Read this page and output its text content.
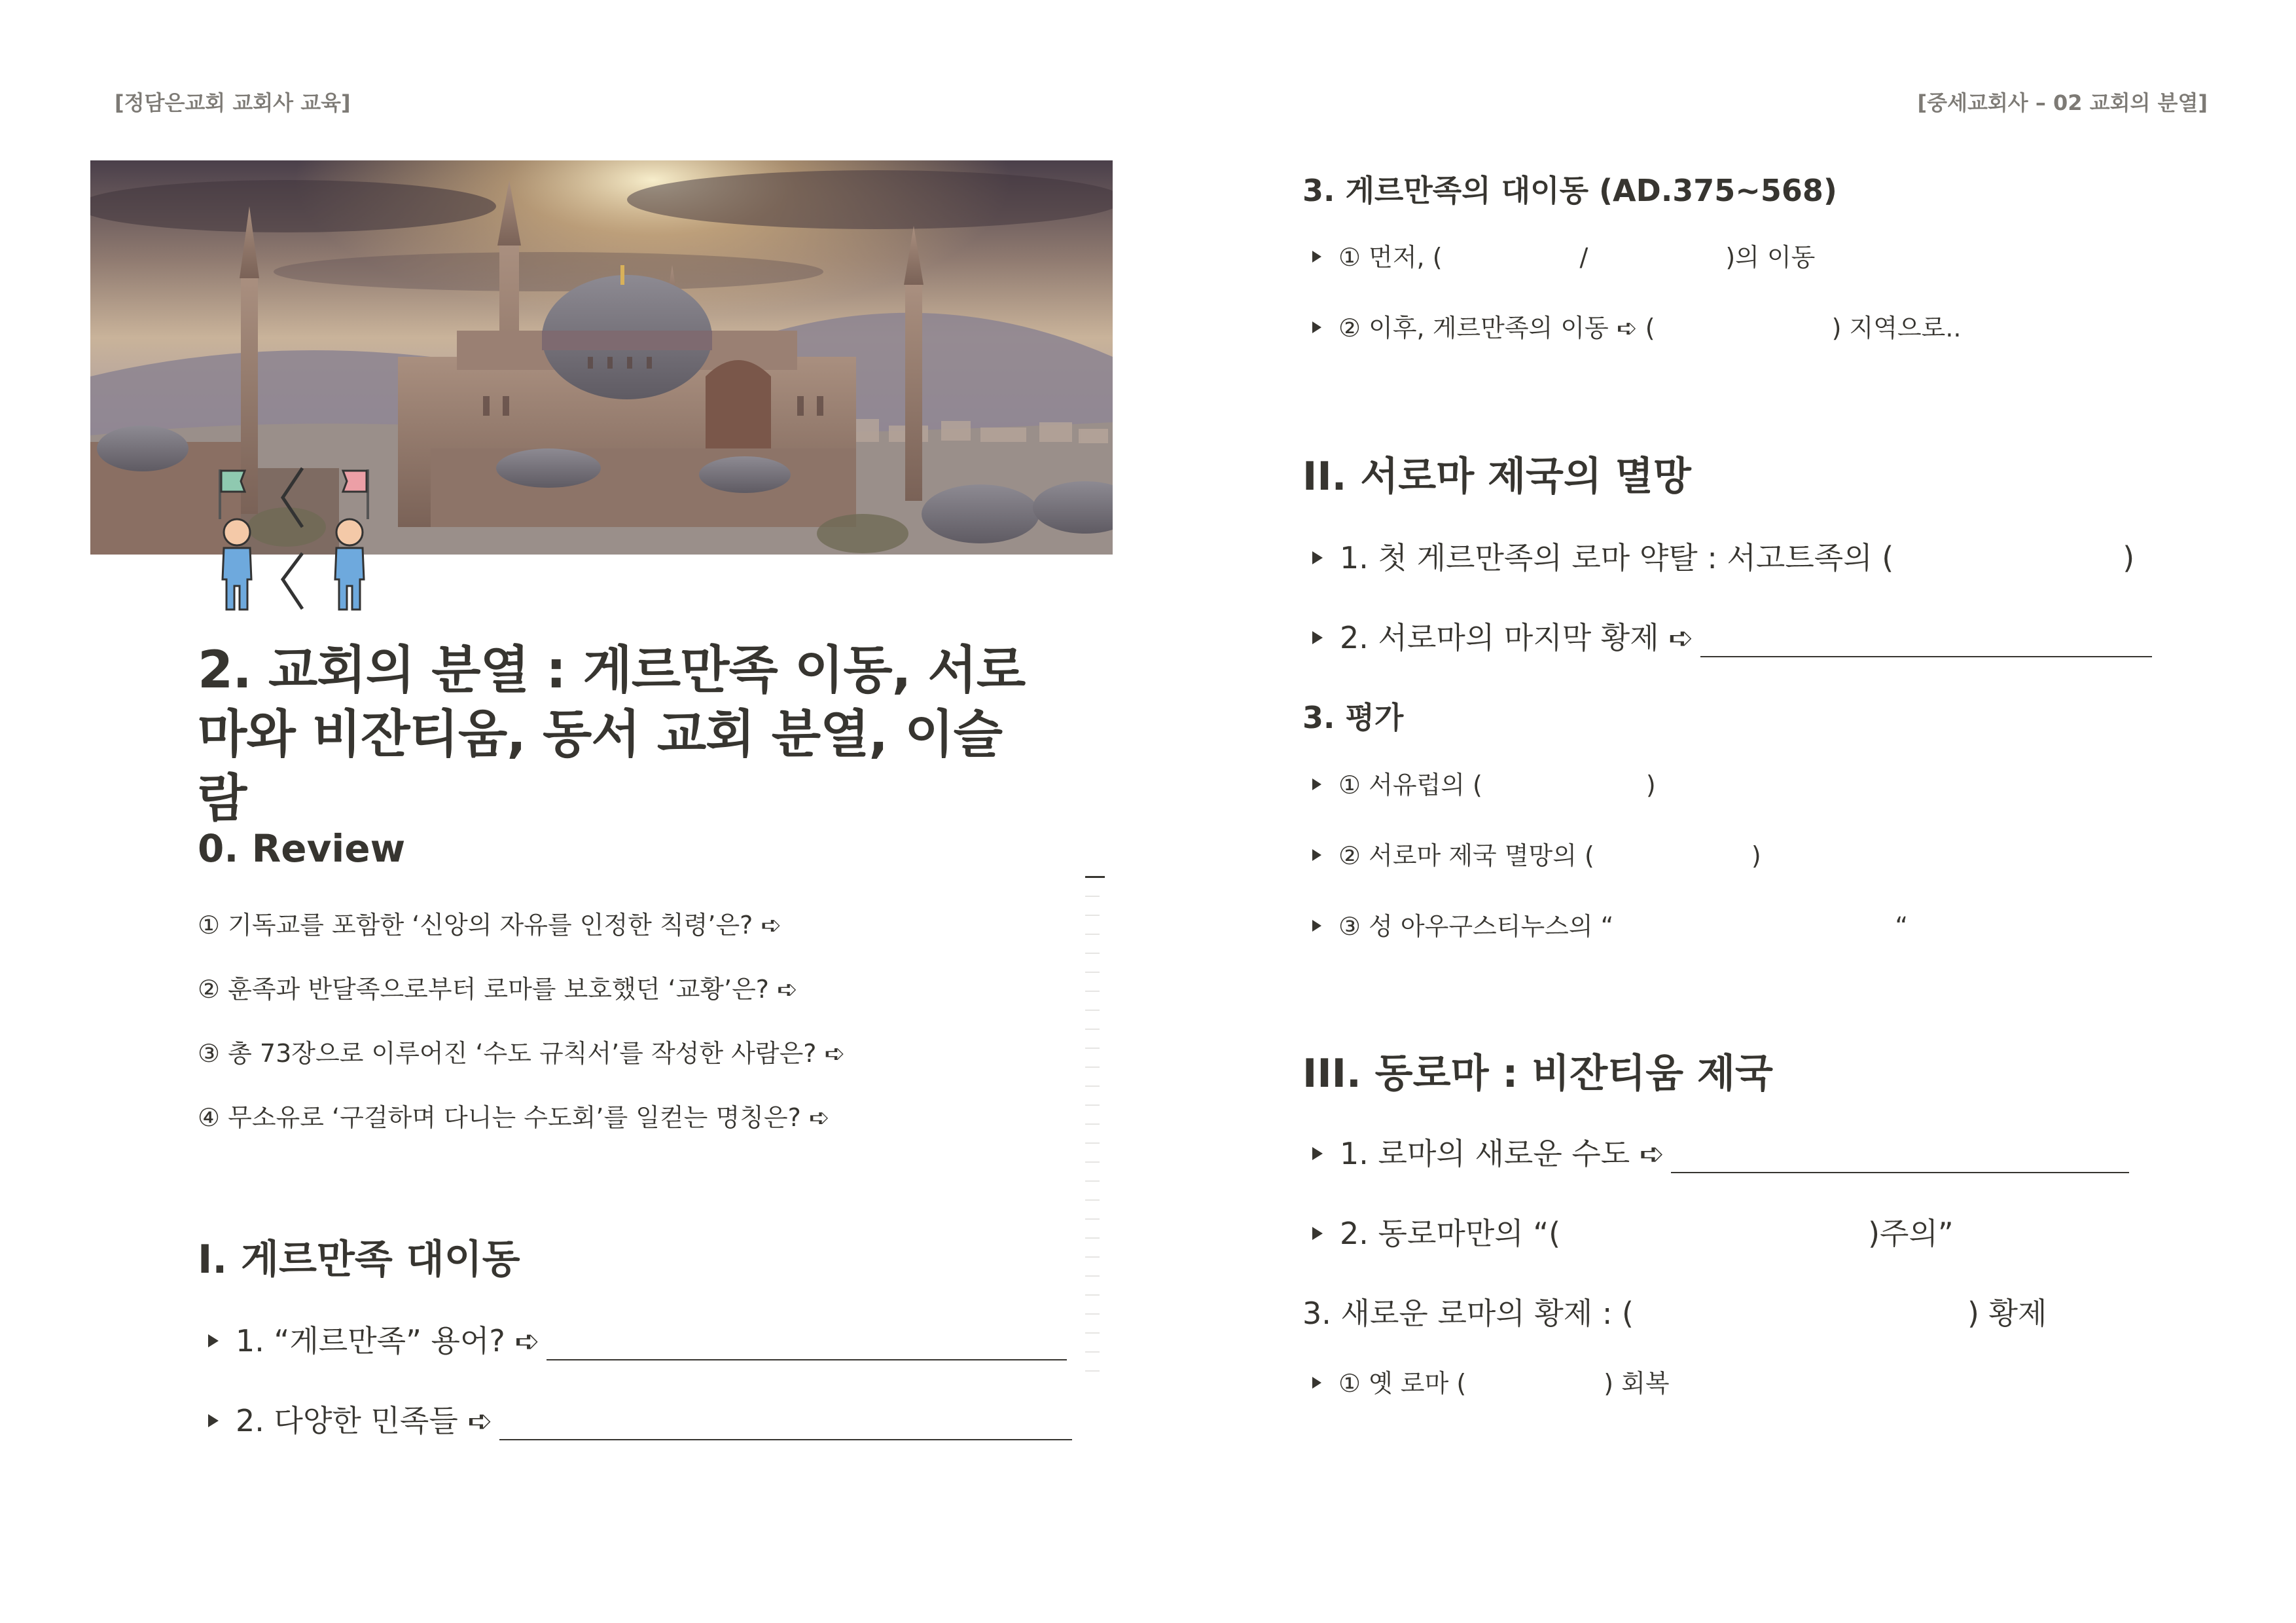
[정담은교회 교회사 교육]	[중세교회사 – 02 교회의 분열]
2. 교회의 분열 : 게르만족 이동, 서로마와 비잔티움, 동서 교회 분열, 이슬람
0. Review
① 기독교를 포함한 ‘신앙의 자유를 인정한 칙령’은? ➪
② 훈족과 반달족으로부터 로마를 보호했던 ‘교황’은? ➪
③ 총 73장으로 이루어진 ‘수도 규칙서’를 작성한 사람은? ➪
④ 무소유로 ‘구걸하며 다니는 수도회’를 일컫는 명칭은? ➪
I. 게르만족 대이동
1. “게르만족” 용어? ➪
2. 다양한 민족들 ➪
3. 게르만족의 대이동 (AD.375~568)
① 먼저, (	/	)의 이동
② 이후, 게르만족의 이동 ➪ (	) 지역으로..
II. 서로마 제국의 멸망
1. 첫 게르만족의 로마 약탈 : 서고트족의 (	)
2. 서로마의 마지막 황제 ➪
3. 평가
① 서유럽의 (	)
② 서로마 제국 멸망의 (	)
③ 성 아우구스티누스의 “	“
III. 동로마 : 비잔티움 제국
1. 로마의 새로운 수도 ➪
2. 동로마만의 “(	)주의”
3. 새로운 로마의 황제 : (	) 황제
① 옛 로마 (	) 회복
